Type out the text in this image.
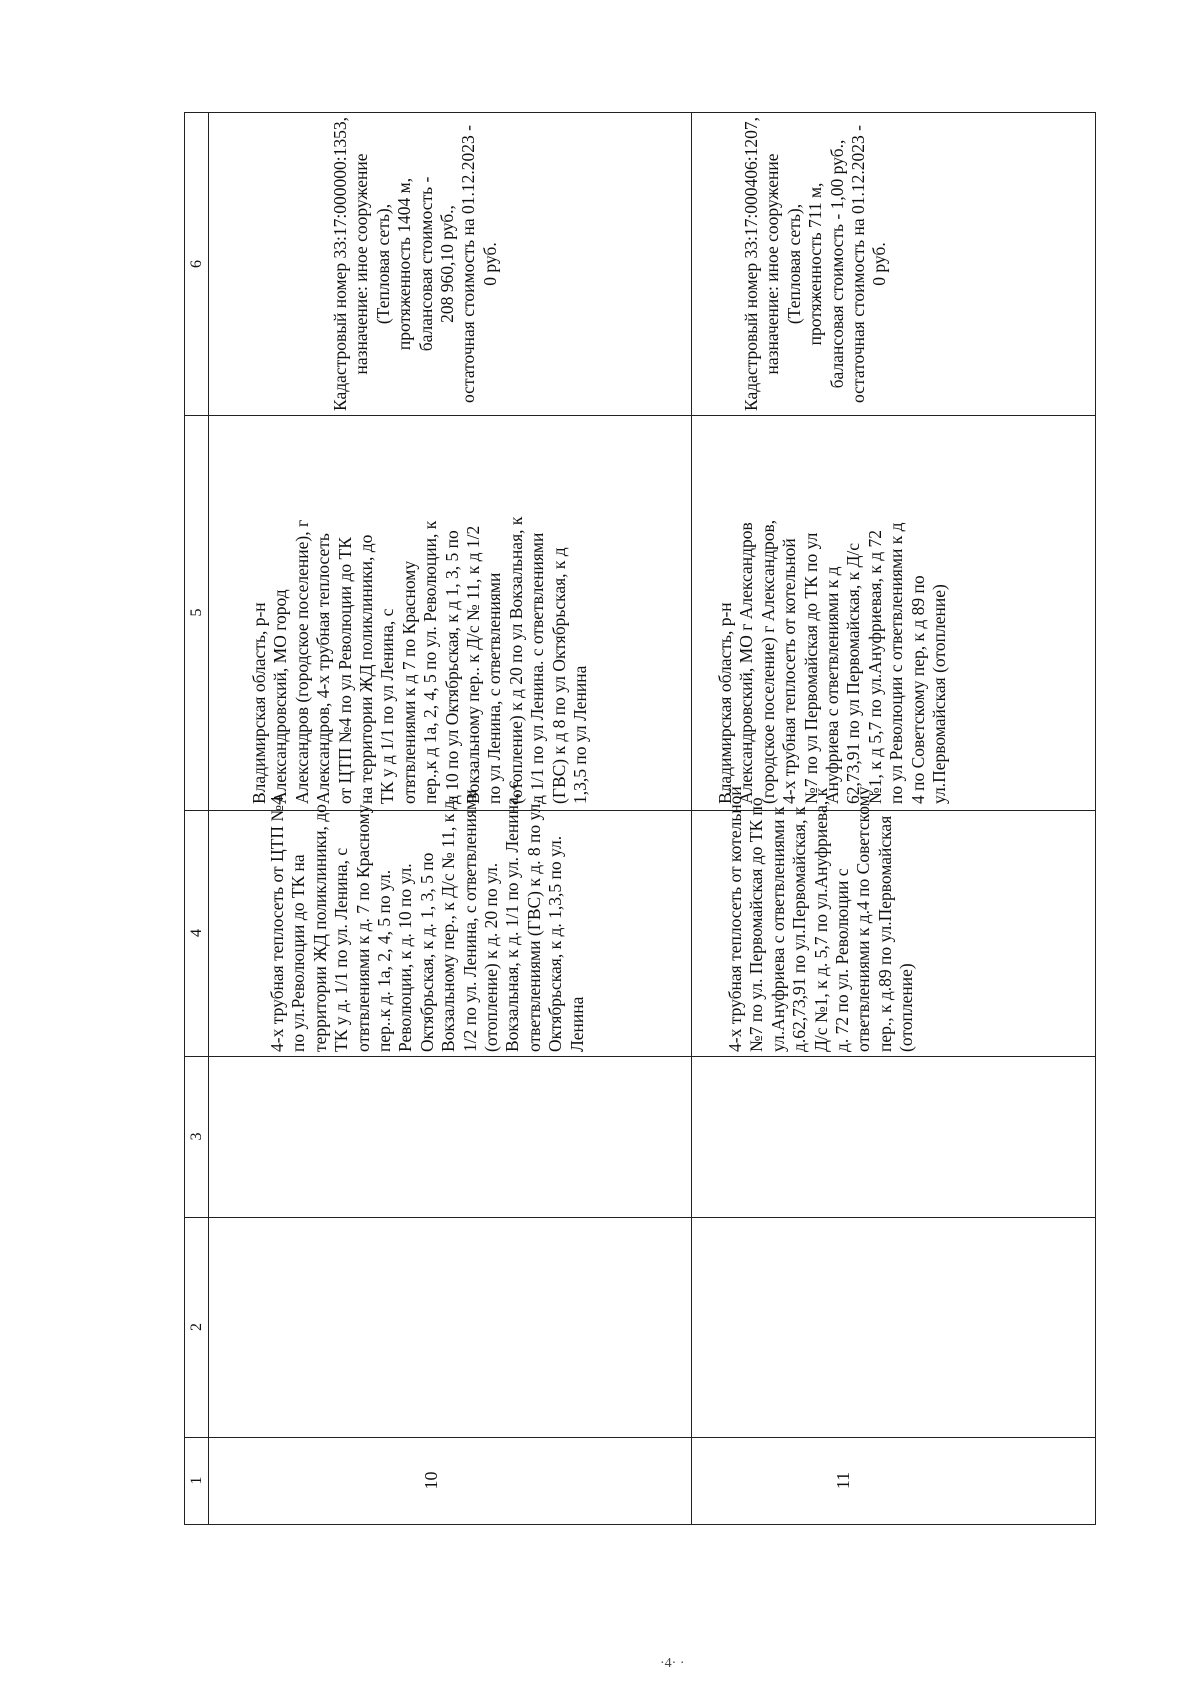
6
5
4
3
2
1	10
Кадастровый номер 33:17:000000:1353, назначение: иное сооружение (Тепловая сеть), протяженность 1404 м, балансовая стоимость - 208 960,10 руб., остаточная стоимость на 01.12.2023 - 0 руб.
Владимирская область, р-н Александровский, МО город Александров (городское поселение), г Александров, 4-х трубная теплосеть от ЦТП №4 по ул Революции до ТК на территории ЖД поликлиники, до ТК у д 1/1 по ул Ленина, с отвтвлениями к д 7 по Красному пер.,к д 1а, 2, 4, 5 по ул. Революции, к д 10 по ул Октябрьская, к д 1, 3, 5 по Вокзальному пер.. к Д/с № 11, к д 1/2 по ул Ленина, с ответвлениями (отопление) к д 20 по ул Вокзальная, к д 1/1 по ул Ленина. с ответвлениями (ГВС) к д 8 по ул Октябрьская, к д 1,3,5 по ул Ленина
4-х трубная теплосеть от ЦТП №4 по ул.Революции до ТК на территории ЖД поликлиники, до ТК у д. 1/1 по ул. Ленина, с отвтвлениями к д. 7 по Красному пер..к д. 1а, 2, 4, 5 по ул. Революции, к д. 10 по ул. Октябрьская, к д. 1, 3, 5 по Вокзальному пер., к Д/с № 11, к д. 1/2 по ул. Ленина, с ответвлениями (отопление) к д. 20 по ул. Вокзальная, к д. 1/1 по ул. Ленина, с ответвлениями (ГВС) к д. 8 по ул. Октябрьская, к д. 1,3,5 по ул. Ленина
11
Кадастровый номер 33:17:000406:1207, назначение: иное сооружение (Тепловая сеть), протяженность 711 м, балансовая стоимость - 1,00 руб., остаточная стоимость на 01.12.2023 - 0 руб.
Владимирская область, р-н Александровский, МО г Александров (городское поселение) г Александров, 4-х трубная теплосеть от котельной №7 по ул Первомайская до ТК по ул Ануфриева с ответвлениями к д 62,73,91 по ул Первомайская, к Д/с №1, к д 5,7 по ул.Ануфриевая, к д 72 по ул Революции с ответвлениями к д 4 по Советскому пер, к д 89 по ул.Первомайская (отопление)
4-х трубная теплосеть от котельной №7 по ул. Первомайская до ТК по ул.Ануфриева с ответвлениями к д.62,73,91 по ул.Первомайская, к Д/с №1, к д. 5,7 по ул.Ануфриева, к д. 72 по ул. Революции с ответвлениями к д.4 по Советскому пер., к д.89 по ул.Первомайская (отопление)
·4· ·
